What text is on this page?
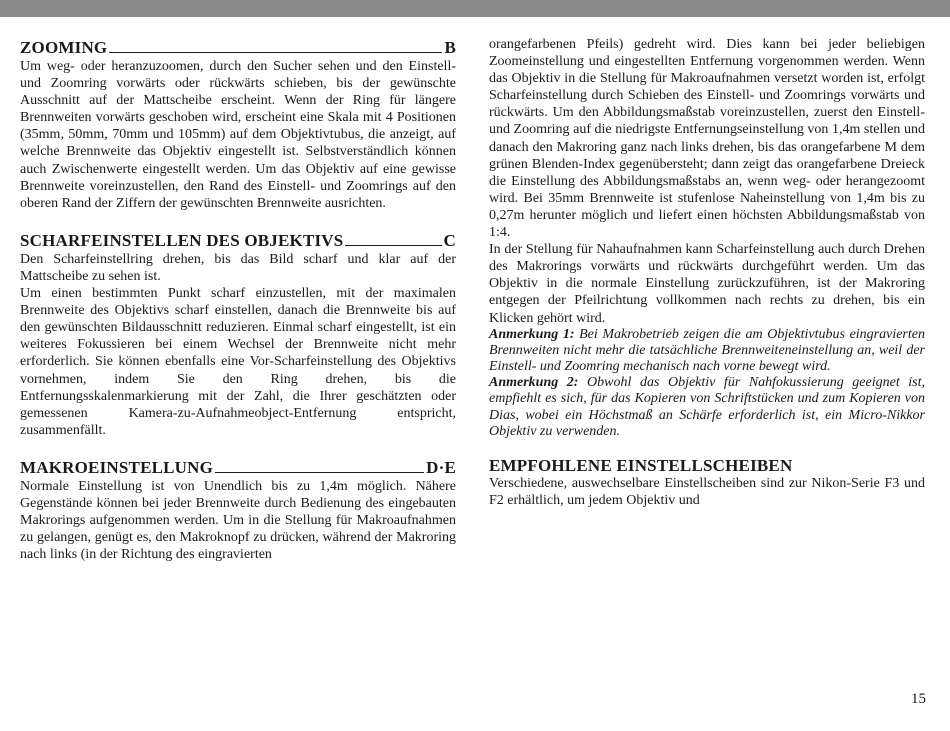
ZOOMING	B

Um weg- oder heranzuzoomen, durch den Sucher sehen und den Einstell- und Zoomring vorwärts oder rückwärts schieben, bis der gewünschte Ausschnitt auf der Mattscheibe erscheint. Wenn der Ring für längere Brennweiten vorwärts geschoben wird, erscheint eine Skala mit 4 Positionen (35mm, 50mm, 70mm und 105mm) auf dem Objektivtubus, die anzeigt, auf welche Brennweite das Objektiv eingestellt ist. Selbstverständlich können auch Zwischenwerte eingestellt werden. Um das Objektiv auf eine gewisse Brennweite voreinzustellen, den Rand des Einstell- und Zoomrings auf den oberen Rand der Ziffern der gewünschten Brennweite ausrichten.

SCHARFEINSTELLEN DES OBJEKTIVS	C

Den Scharfeinstellring drehen, bis das Bild scharf und klar auf der Mattscheibe zu sehen ist.

Um einen bestimmten Punkt scharf einzustellen, mit der maximalen Brennweite des Objektivs scharf einstellen, danach die Brennweite bis auf den gewünschten Bildausschnitt reduzieren. Einmal scharf eingestellt, ist ein weiteres Fokussieren bei einem Wechsel der Brennweite nicht mehr erforderlich. Sie können ebenfalls eine Vor-Scharfeinstellung des Objektivs vornehmen, indem Sie den Ring drehen, bis die Entfernungsskalenmarkierung mit der Zahl, die Ihrer geschätzten oder gemessenen Kamera-zu-Aufnahmeobject-Entfernung entspricht, zusammenfällt.

MAKROEINSTELLUNG	D·E

Normale Einstellung ist von Unendlich bis zu 1,4m möglich. Nähere Gegenstände können bei jeder Brennweite durch Bedienung des eingebauten Makrorings aufgenommen werden. Um in die Stellung für Makroaufnahmen zu gelangen, genügt es, den Makroknopf zu drücken, während der Makroring nach links (in der Richtung des eingravierten

orangefarbenen Pfeils) gedreht wird. Dies kann bei jeder beliebigen Zoomeinstellung und eingestellten Entfernung vorgenommen werden. Wenn das Objektiv in die Stellung für Makroaufnahmen versetzt worden ist, erfolgt Scharfeinstellung durch Schieben des Einstell- und Zoomrings vorwärts und rückwärts. Um den Abbildungsmaßstab voreinzustellen, zuerst den Einstell- und Zoomring auf die niedrigste Entfernungseinstellung von 1,4m stellen und danach den Makroring ganz nach links drehen, bis das orangefarbene M dem grünen Blenden-Index gegenübersteht; dann zeigt das orangefarbene Dreieck die Einstellung des Abbildungsmaßstabs an, wenn weg- oder herangezoomt wird. Bei 35mm Brennweite ist stufenlose Naheinstellung von 1,4m bis zu 0,27m herunter möglich und liefert einen höchsten Abbildungsmaßstab von 1:4.

In der Stellung für Nahaufnahmen kann Scharfeinstellung auch durch Drehen des Makrorings vorwärts und rückwärts durchgeführt werden. Um das Objektiv in die normale Einstellung zurückzuführen, ist der Makroring entgegen der Pfeilrichtung vollkommen nach rechts zu drehen, bis ein Klicken gehört wird.

Anmerkung 1: Bei Makrobetrieb zeigen die am Objektivtubus eingravierten Brennweiten nicht mehr die tatsächliche Brennweiteneinstellung an, weil der Einstell- und Zoomring mechanisch nach vorne bewegt wird.

Anmerkung 2: Obwohl das Objektiv für Nahfokussierung geeignet ist, empfiehlt es sich, für das Kopieren von Schriftstücken und zum Kopieren von Dias, wobei ein Höchstmaß an Schärfe erforderlich ist, ein Micro-Nikkor Objektiv zu verwenden.

EMPFOHLENE EINSTELLSCHEIBEN

Verschiedene, auswechselbare Einstellscheiben sind zur Nikon-Serie F3 und F2 erhältlich, um jedem Objektiv und

15
